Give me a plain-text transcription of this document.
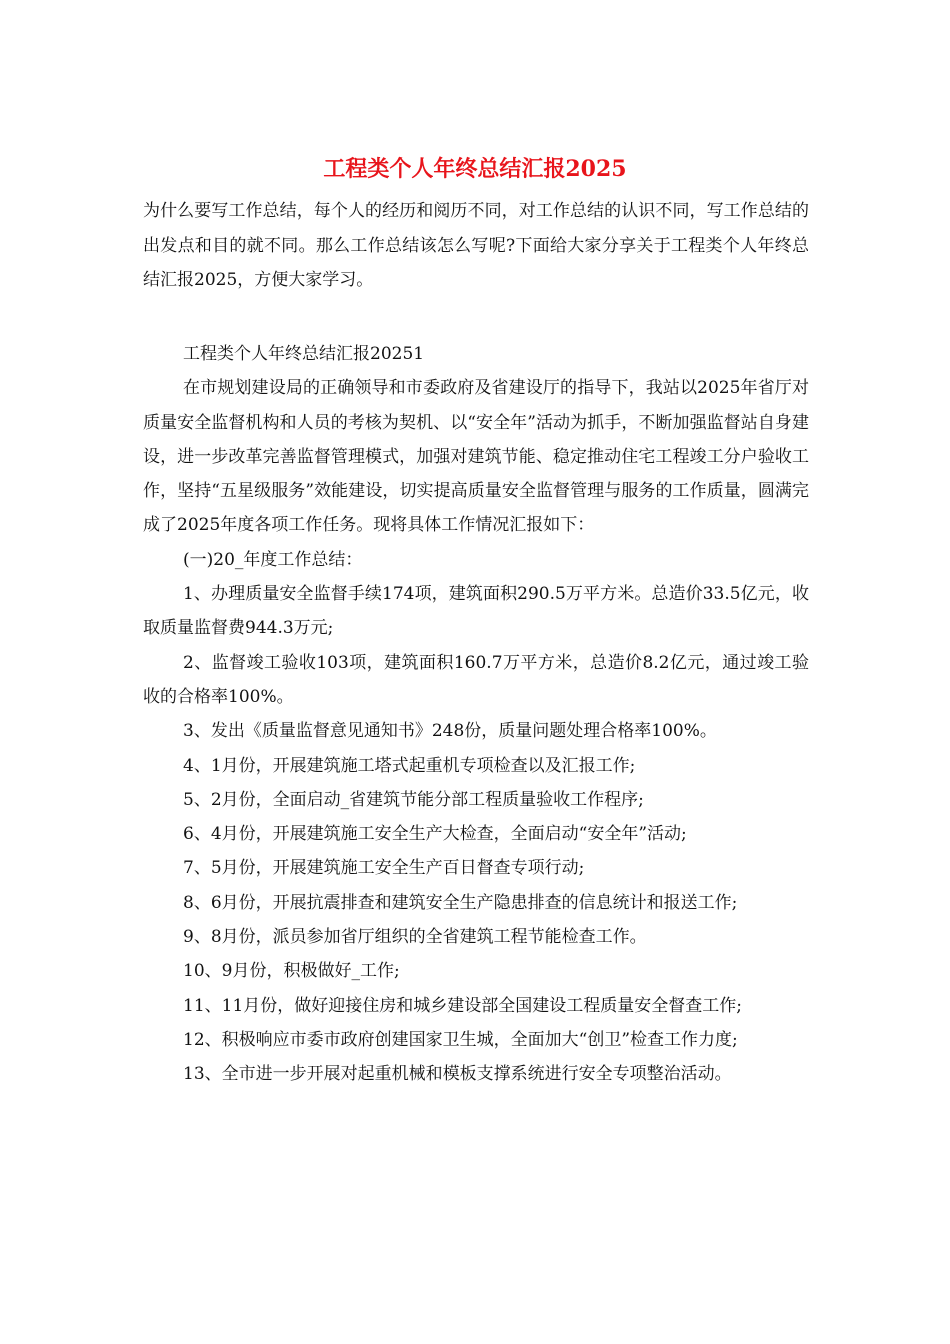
工程类个人年终总结汇报2025

为什么要写工作总结，每个人的经历和阅历不同，对工作总结的认识不同，写工作总结的出发点和目的就不同。那么工作总结该怎么写呢?下面给大家分享关于工程类个人年终总结汇报2025，方便大家学习。

工程类个人年终总结汇报20251

在市规划建设局的正确领导和市委政府及省建设厅的指导下，我站以2025年省厅对质量安全监督机构和人员的考核为契机、以“安全年”活动为抓手，不断加强监督站自身建设，进一步改革完善监督管理模式，加强对建筑节能、稳定推动住宅工程竣工分户验收工作，坚持“五星级服务”效能建设，切实提高质量安全监督管理与服务的工作质量，圆满完成了2025年度各项工作任务。现将具体工作情况汇报如下：

(一)20_年度工作总结：

1、办理质量安全监督手续174项，建筑面积290.5万平方米。总造价33.5亿元，收取质量监督费944.3万元;

2、监督竣工验收103项，建筑面积160.7万平方米，总造价8.2亿元，通过竣工验收的合格率100%。

3、发出《质量监督意见通知书》248份，质量问题处理合格率100%。

4、1月份，开展建筑施工塔式起重机专项检查以及汇报工作;

5、2月份，全面启动_省建筑节能分部工程质量验收工作程序;

6、4月份，开展建筑施工安全生产大检查，全面启动“安全年”活动;

7、5月份，开展建筑施工安全生产百日督查专项行动;

8、6月份，开展抗震排查和建筑安全生产隐患排查的信息统计和报送工作;

9、8月份，派员参加省厅组织的全省建筑工程节能检查工作。

10、9月份，积极做好_工作;

11、11月份，做好迎接住房和城乡建设部全国建设工程质量安全督查工作;

12、积极响应市委市政府创建国家卫生城，全面加大“创卫”检查工作力度;

13、全市进一步开展对起重机械和模板支撑系统进行安全专项整治活动。
